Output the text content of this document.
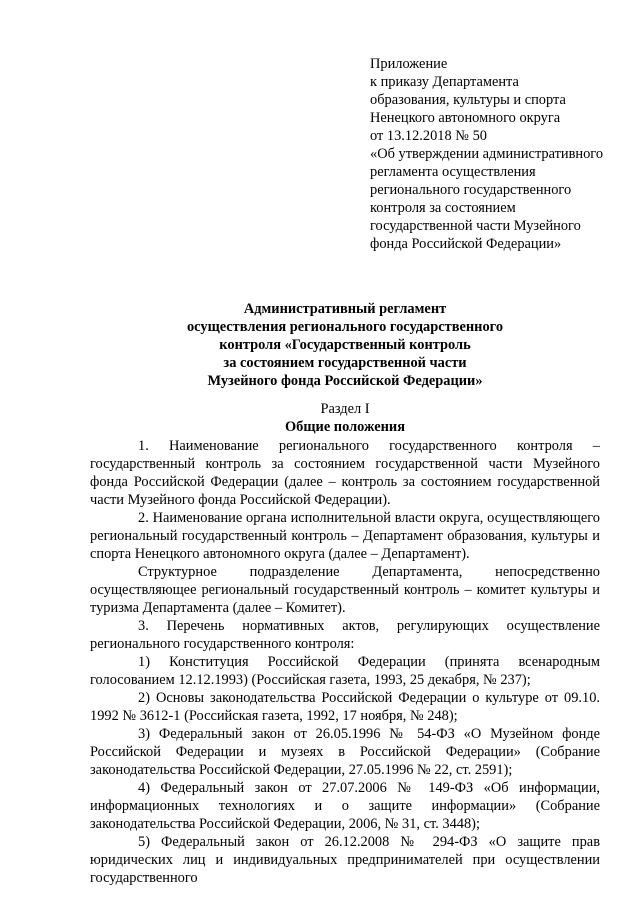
Приложение
к приказу Департамента
образования, культуры и спорта
Ненецкого автономного округа
от 13.12.2018 № 50
«Об утверждении административного
регламента осуществления
регионального государственного
контроля за состоянием
государственной части Музейного
фонда Российской Федерации»
Административный регламент
осуществления регионального государственного
контроля «Государственный контроль
за состоянием государственной части
Музейного фонда Российской Федерации»
Раздел I
Общие положения

1. Наименование регионального государственного контроля – государственный контроль за состоянием государственной части Музейного фонда Российской Федерации (далее – контроль за состоянием государственной части Музейного фонда Российской Федерации).

2. Наименование органа исполнительной власти округа, осуществляющего региональный государственный контроль – Департамент образования, культуры и спорта Ненецкого автономного округа (далее – Департамент).

Структурное подразделение Департамента, непосредственно осуществляющее региональный государственный контроль – комитет культуры и туризма Департамента (далее – Комитет).

3. Перечень нормативных актов, регулирующих осуществление регионального государственного контроля:

1) Конституция Российской Федерации (принята всенародным голосованием 12.12.1993) (Российская газета, 1993, 25 декабря, № 237);

2) Основы законодательства Российской Федерации о культуре от 09.10. 1992 № 3612-1 (Российская газета, 1992, 17 ноября, № 248);

3) Федеральный закон от 26.05.1996 № 54-ФЗ «О Музейном фонде Российской Федерации и музеях в Российской Федерации» (Собрание законодательства Российской Федерации, 27.05.1996 № 22, ст. 2591);

4) Федеральный закон от 27.07.2006 № 149-ФЗ «Об информации, информационных технологиях и о защите информации» (Собрание законодательства Российской Федерации, 2006, № 31, ст. 3448);

5) Федеральный закон от 26.12.2008 № 294-ФЗ «О защите прав юридических лиц и индивидуальных предпринимателей при осуществлении государственного
